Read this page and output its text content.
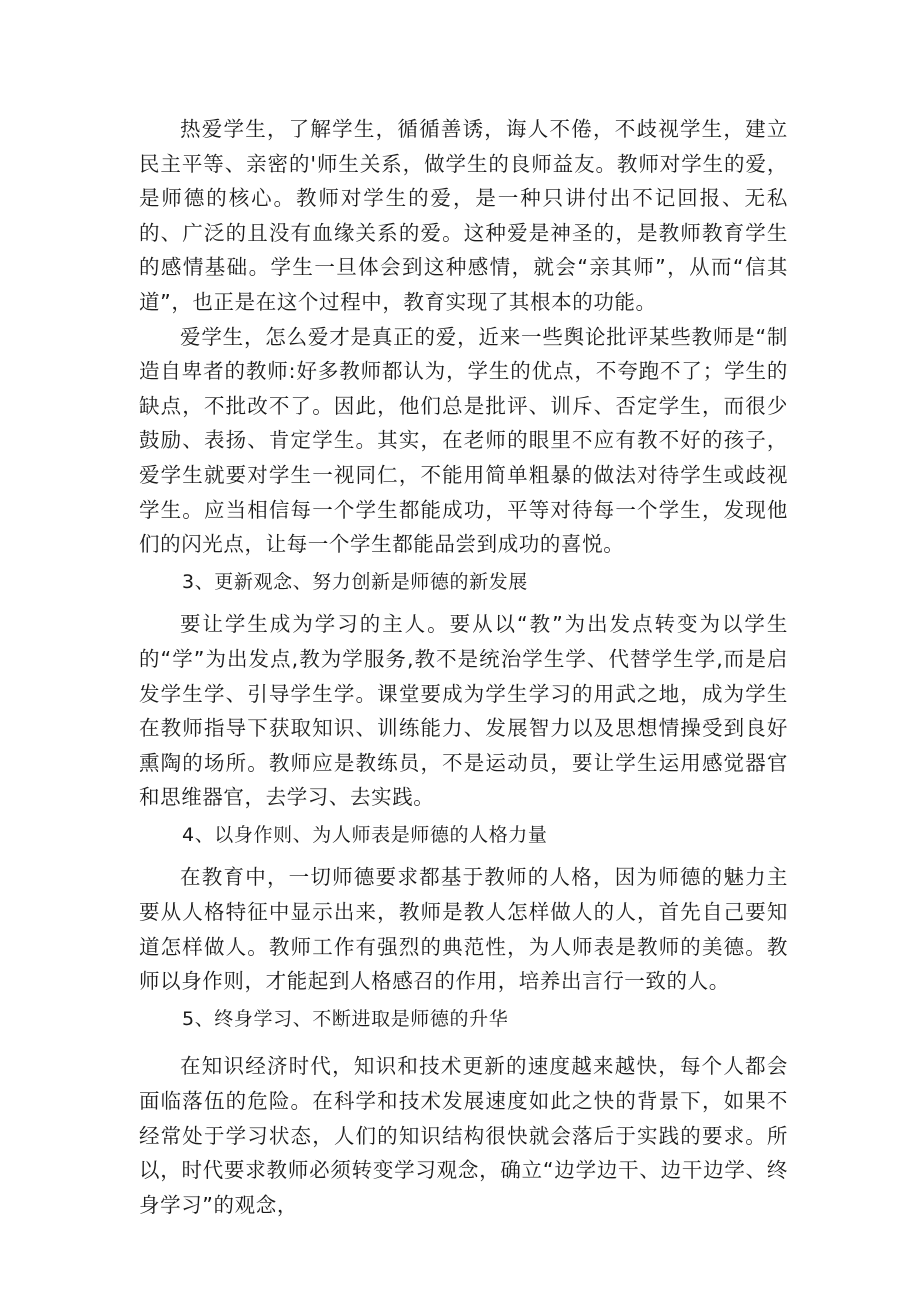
热爱学生，了解学生，循循善诱，诲人不倦，不歧视学生，建立民主平等、亲密的'师生关系，做学生的良师益友。教师对学生的爱，是师德的核心。教师对学生的爱，是一种只讲付出不记回报、无私的、广泛的且没有血缘关系的爱。这种爱是神圣的，是教师教育学生的感情基础。学生一旦体会到这种感情，就会“亲其师”，从而“信其道”，也正是在这个过程中，教育实现了其根本的功能。

爱学生，怎么爱才是真正的爱，近来一些舆论批评某些教师是“制造自卑者的教师:好多教师都认为，学生的优点，不夸跑不了；学生的缺点，不批改不了。因此，他们总是批评、训斥、否定学生，而很少鼓励、表扬、肯定学生。其实，在老师的眼里不应有教不好的孩子，爱学生就要对学生一视同仁，不能用简单粗暴的做法对待学生或歧视学生。应当相信每一个学生都能成功，平等对待每一个学生，发现他们的闪光点，让每一个学生都能品尝到成功的喜悦。

3、更新观念、努力创新是师德的新发展

要让学生成为学习的主人。要从以“教”为出发点转变为以学生的“学”为出发点,教为学服务,教不是统治学生学、代替学生学,而是启发学生学、引导学生学。课堂要成为学生学习的用武之地，成为学生在教师指导下获取知识、训练能力、发展智力以及思想情操受到良好熏陶的场所。教师应是教练员，不是运动员，要让学生运用感觉器官和思维器官，去学习、去实践。

4、以身作则、为人师表是师德的人格力量

在教育中，一切师德要求都基于教师的人格，因为师德的魅力主要从人格特征中显示出来，教师是教人怎样做人的人，首先自己要知道怎样做人。教师工作有强烈的典范性，为人师表是教师的美德。教师以身作则，才能起到人格感召的作用，培养出言行一致的人。

5、终身学习、不断进取是师德的升华

在知识经济时代，知识和技术更新的速度越来越快，每个人都会面临落伍的危险。在科学和技术发展速度如此之快的背景下，如果不经常处于学习状态，人们的知识结构很快就会落后于实践的要求。所以，时代要求教师必须转变学习观念，确立“边学边干、边干边学、终身学习”的观念，
